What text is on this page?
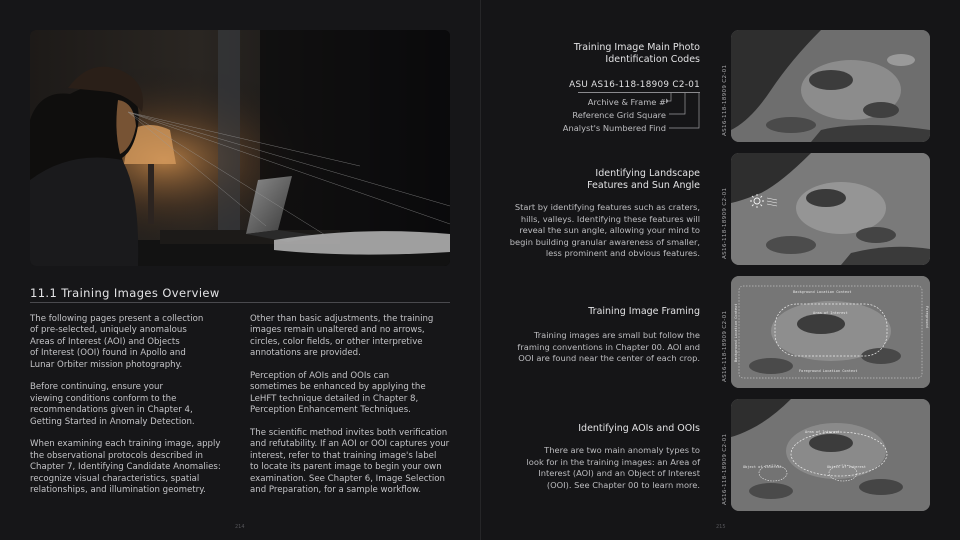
11.1 Training Images Overview

The following pages present a collection
of pre-selected, uniquely anomalous
Areas of Interest (AOI) and Objects
of Interest (OOI) found in Apollo and
Lunar Orbiter mission photography.

Before continuing, ensure your
viewing conditions conform to the
recommendations given in Chapter 4,
Getting Started in Anomaly Detection.

When examining each training image, apply
the observational protocols described in
Chapter 7, Identifying Candidate Anomalies:
recognize visual characteristics, spatial
relationships, and illumination geometry.

Other than basic adjustments, the training
images remain unaltered and no arrows,
circles, color fields, or other interpretive
annotations are provided.

Perception of AOIs and OOIs can
sometimes be enhanced by applying the
LeHFT technique detailed in Chapter 8,
Perception Enhancement Techniques.

The scientific method invites both verification
and refutability. If an AOI or OOI captures your
interest, refer to that training image's label
to locate its parent image to begin your own
examination. See Chapter 6, Image Selection
and Preparation, for a sample workflow.

214
Training Image Main Photo
Identification Codes
ASU AS16-118-18909 C2-01
Archive & Frame #
Reference Grid Square
Analyst's Numbered Find
Identifying Landscape
Features and Sun Angle

Start by identifying features such as craters,
hills, valleys. Identifying these features will
reveal the sun angle, allowing your mind to
begin building granular awareness of smaller,
less prominent and obvious features.

Training Image Framing

Training images are small but follow the
framing conventions in Chapter 00. AOI and
OOI are found near the center of each crop.

Identifying AOIs and OOIs

There are two main anomaly types to
look for in the training images: an Area of
Interest (AOI) and an Object of Interest
(OOI). See Chapter 00 to learn more.

AS16-118-18909 C2-01
AS16-118-18909 C2-01
AS16-118-18909 C2-01
Background Location Context
Area of Interest
Foreground Location Context
Background Location Context	Foreground
AS16-118-18909 C2-01
Area of Interest
Object of Interest	Object of Interest
215
